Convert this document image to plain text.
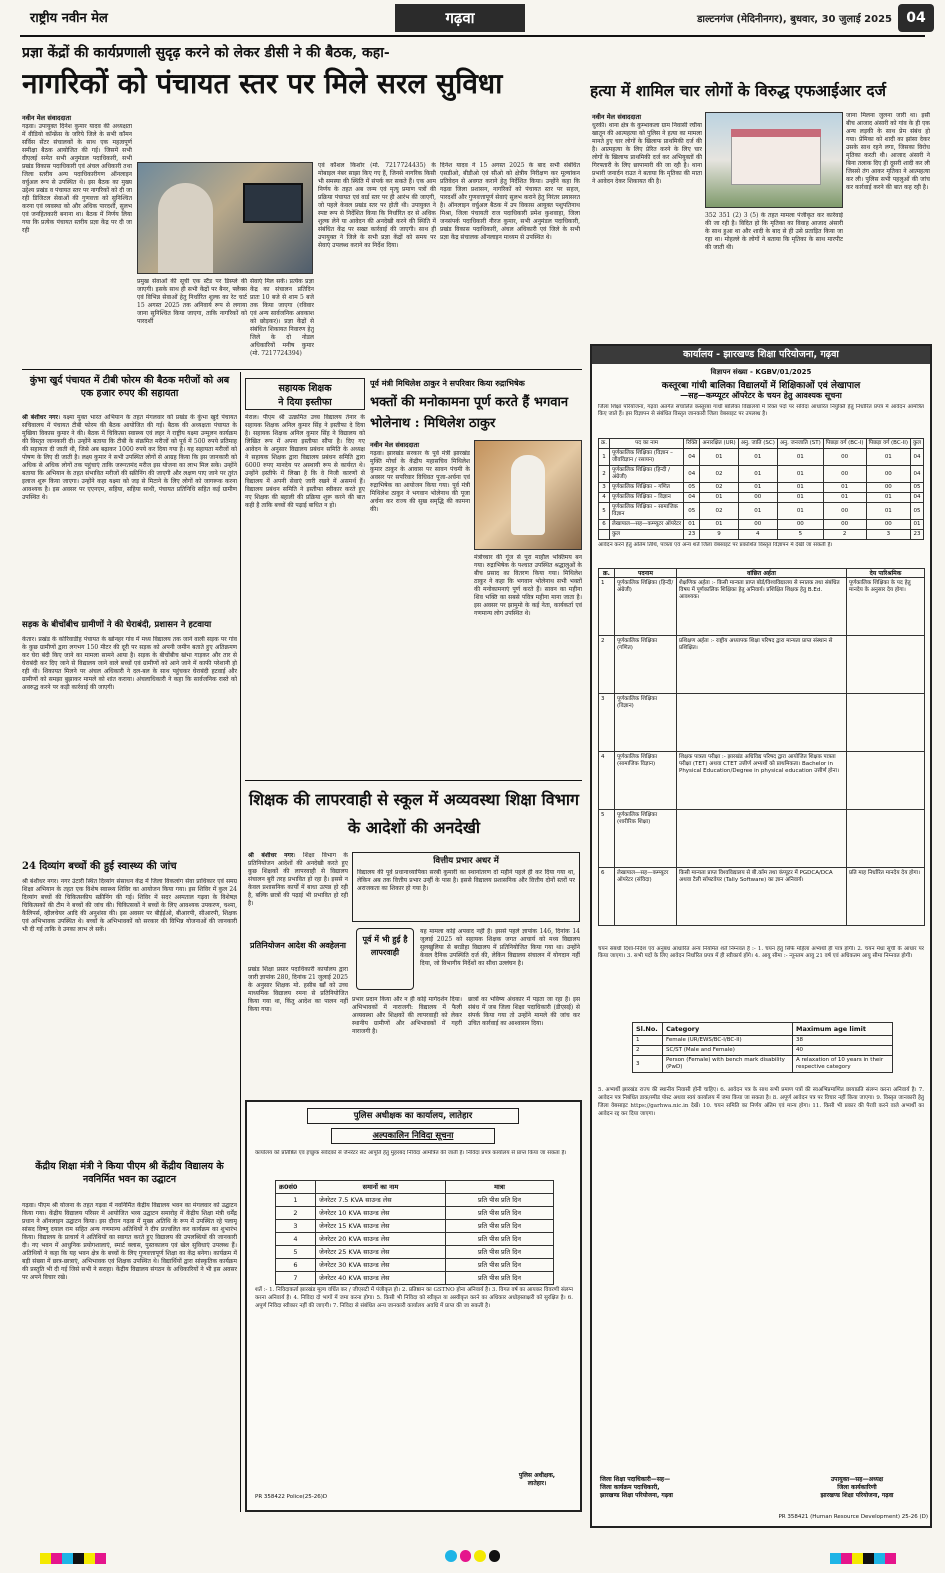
राष्ट्रीय नवीन मेल	गढ़वा	डाल्टनगंज (मेदिनीनगर), बुधवार, 30 जुलाई 2025	04
प्रज्ञा केंद्रों की कार्यप्रणाली सुदृढ़ करने को लेकर डीसी ने की बैठक, कहा-
नागरिकों को पंचायत स्तर पर मिले सरल सुविधा
नवीन मेल संवाददाता
गढ़वा। उपायुक्त दिनेश कुमार यादव की अध्यक्षता में वीडियो कॉन्फ्रेंस के जरिये जिले के सभी कॉमन सर्विस सेंटर संचालकों के साथ एक महत्वपूर्ण समीक्षा बैठक आयोजित की गई। जिसमें सभी वीएलई समेत सभी अनुमंडल पदाधिकारी, सभी प्रखंड विकास पदाधिकारी एवं अंचल अधिकारी तथा जिला स्तरीय अन्य पदाधिकारीगण ऑनलाइन वर्चुअल रूप से उपस्थित थे। इस बैठक का मुख्य उद्देश्य प्रखंड व पंचायत स्तर पर नागरिकों को दी जा रही डिजिटल सेवाओं की गुणवत्ता को सुनिश्चित करना एवं व्यवस्था को और अधिक पारदर्शी, सुलभ एवं जनहितकारी बनाना था। बैठक में निर्णय लिया गया कि प्रत्येक पंचायत स्तरीय प्रज्ञा केंद्र पर दी जा रही
प्रमुख सेवाओं की सूची एक स्टैंड पर डिस्प्ले की जाएगी। इसके साथ ही सभी केंद्रों पर बैनर, फ्लैक्स एवं विभिन्न सेवाओं हेतु निर्धारित शुल्क का रेट चार्ट 15 अगस्त 2025 तक अनिवार्य रूप से लगाया जाना सुनिश्चित किया जाएगा, ताकि नागरिकों को पारदर्शी
सेवाएं मिल सकें। प्रत्येक प्रज्ञा केंद्र का संचालन प्रतिदिन प्रातः 10 बजे से शाम 5 बजे तक किया जाएगा (रविवार एवं अन्य सार्वजनिक अवकाश को छोड़कर)। प्रज्ञा केंद्रों से संबंधित शिकायत निवारण हेतु जिले के दो नोडल अधिकारियों मनीष कुमार (मो. 7217724394)
एवं कौशल किशोर (मो. 7217724435) के मोबाइल नंबर साझा किए गए हैं, जिनसे नागरिक किसी भी समस्या की स्थिति में संपर्क कर सकते हैं। एक आम निर्णय के तहत अब जन्म एवं मृत्यु प्रमाण पत्रों की प्रक्रिया पंचायत एवं वार्ड स्तर पर ही आरंभ की जाएगी, जो पहले केवल प्रखंड स्तर पर होती थी। उपायुक्त ने स्पष्ट रूप से निर्देशित किया कि निर्धारित दर से अधिक शुल्क लेने या आवेदन की अनदेखी करने की स्थिति में संबंधित केंद्र पर सख्त कार्रवाई की जाएगी। साथ ही उपायुक्त ने जिले के सभी प्रज्ञा केंद्रों को समय पर सेवाएं उपलब्ध कराने का निर्देश दिया।
दिनेश यादव ने 15 अगस्त 2025 के बाद सभी संबंधित एसडीओ, बीडीओ एवं सीओ को क्षेत्रीय निरीक्षण कर मूल्यांकन प्रतिवेदन से अवगत कराने हेतु निर्देशित किया। उन्होंने कहा कि गढ़वा जिला प्रशासन, नागरिकों को पंचायत स्तर पर सहज, पारदर्शी और गुणवत्तापूर्ण सेवाएं सुलभ कराने हेतु निरंतर प्रयासरत है। ऑनलाइन वर्चुअल बैठक में उप विकास आयुक्त पशुपतिनाथ मिश्रा, जिला पंचायती राज पदाधिकारी प्रमेश कुशवाहा, जिला जनसंपर्क पदाधिकारी नीरज कुमार, सभी अनुमंडल पदाधिकारी, प्रखंड विकास पदाधिकारी, अंचल अधिकारी एवं जिले के सभी प्रज्ञा केंद्र संचालक ऑनलाइन माध्यम से उपस्थित थे।
हत्या में शामिल चार लोगों के विरुद्ध एफआईआर दर्ज
नवीन मेल संवाददाता
धुरकी। थाना क्षेत्र के कुम्भाकला ग्राम निवासी रघीया खातून की आत्महत्या को पुलिस ने हत्या का मामला मानते हुए चार लोगों के खिलाफ प्राथमिकी दर्ज की है। आत्महत्या के लिए प्रेरित करने के लिए चार लोगों के खिलाफ प्राथमिकी दर्ज कर अभियुक्तों की गिरफ्तारी के लिए छापामारी की जा रही है। थाना प्रभारी जनार्दन राउत ने बताया कि मृतिका की माता ने आवेदन देकर शिकायत की है।
352 351 (2) 3 (5) के तहत मामला पंजीकृत कर कार्रवाई की जा रही है। विदित हो कि मृतिका का विवाह आजाद अंसारी के साथ हुआ था और शादी के बाद से ही उसे प्रताड़ित किया जा रहा था। मोहल्ले के लोगों ने बताया कि मृतिका के साथ मारपीट की जाती थी।
जाना मिलना जुलना जारी था। इसी बीच आजाद अंसारी को गांव के ही एक अन्य लड़की के साथ प्रेम संबंध हो गया। प्रेमिका को शादी का झांसा देकर उसके साथ रहने लगा, जिसका विरोध मृतिका करती थी। आजाद अंसारी ने बिना तलाक दिए ही दूसरी शादी कर ली जिससे तंग आकर मृतिका ने आत्महत्या कर ली। पुलिस सभी पहलुओं की जांच कर कार्रवाई करने की बात कह रही है।
कार्यालय - झारखण्ड शिक्षा परियोजना, गढ़वा
विज्ञापन संख्या - KGBV/01/2025
कस्तूरबा गांधी बालिका विद्यालयों में शिक्षिकाओं एवं लेखापाल
—सह—कम्प्यूटर ऑपरेटर के चयन हेतु आवश्यक सूचना
जिला शिक्षा परियोजना, गढ़वा अंतर्गत संचालित कस्तूरबा गांधी बालिका विद्यालयों में रिक्त पदों पर संविदा आधारित नियुक्ति हेतु निर्धारित प्रपत्र में आवेदन आमंत्रित किए जाते हैं। इस विज्ञापन से संबंधित विस्तृत जानकारी जिला वेबसाइट पर उपलब्ध है।
क्र.	पद का नाम	रिक्ति	अनारक्षित (UR)	अनु. जाति (SC)	अनु. जनजाति (ST)	पिछड़ा वर्ग (BC-I)	पिछड़ा वर्ग (BC-II)	कुल
1	पूर्णकालिक शिक्षिका (विज्ञान – जीवविज्ञान / रसायन)	04	01	01	01	00	01	04
2	पूर्णकालिक शिक्षिका (हिन्दी / अंग्रेजी)	04	02	01	01	00	00	04
3	पूर्णकालिक शिक्षिका – गणित	05	02	01	01	01	00	05
4	पूर्णकालिक शिक्षिका – विज्ञान	04	01	00	01	01	01	04
5	पूर्णकालिक शिक्षिका – सामाजिक विज्ञान	05	02	01	01	00	01	05
6	लेखापाल—सह—कम्प्यूटर ऑपरेटर	01	01	00	00	00	00	01
	कुल	23	9	4	5	2	3	23
आवेदन करने हेतु अंतिम तिथि, पात्रता एवं अन्य शर्तें जिला वेबसाइट पर प्रकाशित विस्तृत विज्ञापन में देखी जा सकती हैं।
क्र.	पदनाम	वांछित अर्हता	देय पारिश्रमिक
1	पूर्णकालिक शिक्षिका (हिन्दी/अंग्रेजी)	शैक्षणिक अर्हता :- किसी मान्यता प्राप्त बोर्ड/विश्वविद्यालय से स्नातक तथा संबंधित विषय में पूर्णकालिक शिक्षिका हेतु अनिवार्य। प्रशिक्षित शिक्षक हेतु B.Ed. आवश्यक।	पूर्णकालिक शिक्षिका के पद हेतु मानदेय के अनुसार देय होगा।
2	पूर्णकालिक शिक्षिका (गणित)	प्रशिक्षण अर्हता :- राष्ट्रीय अध्यापक शिक्षा परिषद द्वारा मान्यता प्राप्त संस्थान से प्रशिक्षित।	
3	पूर्णकालिक शिक्षिका (विज्ञान)		
4	पूर्णकालिक शिक्षिका (सामाजिक विज्ञान)	शिक्षक पात्रता परीक्षा :- झारखंड अधिविद्य परिषद द्वारा आयोजित शिक्षक पात्रता परीक्षा (TET) अथवा CTET उत्तीर्ण अभ्यर्थी को प्राथमिकता। Bachelor in Physical Education/Degree in physical education उत्तीर्ण होना।	
5	पूर्णकालिक शिक्षिका (शारीरिक शिक्षा)		
6	लेखापाल—सह—कम्प्यूटर ऑपरेटर (संविदा)	किसी मान्यता प्राप्त विश्वविद्यालय से बी.कॉम तथा कंप्यूटर में PGDCA/DCA अथवा टैली सॉफ्टवेयर (Tally Software) का ज्ञान अनिवार्य।	प्रति माह निर्धारित मानदेय देय होगा।
चयन संबंधी दिशा-निर्देश एवं अनुबंध आधारित अन्य नियमित शर्तें निम्नवत हैं :- 1. चयन हेतु सिर्फ महिला अभ्यर्थी ही पात्र होंगी। 2. चयन मेधा सूची के आधार पर किया जाएगा। 3. सभी पदों के लिए आवेदन निर्धारित प्रपत्र में ही स्वीकार्य होंगे। 4. आयु सीमा :- न्यूनतम आयु 21 वर्ष एवं अधिकतम आयु सीमा निम्नवत होगी।
Sl.No.	Category	Maximum age limit
1	Female (UR/EWS/BC-I/BC-II)	38
2	SC/ST (Male and Female)	40
3	Person (Female) with bench mark disability (PwD)	A relaxation of 10 years in their respective category
5. अभ्यर्थी झारखंड राज्य की स्थानीय निवासी होनी चाहिए। 6. आवेदन पत्र के साथ सभी प्रमाण पत्रों की स्वअभिप्रमाणित छायाप्रति संलग्न करना अनिवार्य है। 7. आवेदन पत्र निबंधित डाक/स्पीड पोस्ट अथवा स्वयं कार्यालय में जमा किया जा सकता है। 8. अपूर्ण आवेदन पत्र पर विचार नहीं किया जाएगा। 9. विस्तृत जानकारी हेतु जिला वेबसाइट https://garhwa.nic.in देखें। 10. चयन समिति का निर्णय अंतिम एवं मान्य होगा। 11. किसी भी प्रकार की पैरवी करने वाले अभ्यर्थी का आवेदन रद्द कर दिया जाएगा।
जिला शिक्षा पदाधिकारी—सह—
जिला कार्यक्रम पदाधिकारी,
झारखण्ड शिक्षा परियोजना, गढ़वा
उपायुक्त—सह—अध्यक्ष
जिला कार्यकारिणी
झारखण्ड शिक्षा परियोजना, गढ़वा
PR 358421 (Human Resource Development) 25-26 (D)
कुंभा खुर्द पंचायत में टीबी फोरम की बैठक मरीजों को अब एक हजार रुपए की सहायता
श्री बंशीधर नगर। यक्ष्मा मुक्त भारत अभियान के तहत मंगलवार को प्रखंड के कुंभा खुर्द पंचायत सचिवालय में पंचायत टीबी फोरम की बैठक आयोजित की गई। बैठक की अध्यक्षता पंचायत के मुखिया विकास कुमार ने की। बैठक में चिकित्सा स्वास्थ्य एवं लहर ने राष्ट्रीय यक्ष्मा उन्मूलन कार्यक्रम की विस्तृत जानकारी दी। उन्होंने बताया कि टीबी के संक्रमित मरीजों को पूर्व में 500 रुपये प्रतिमाह की सहायता दी जाती थी, जिसे अब बढ़ाकर 1000 रुपये कर दिया गया है। यह सहायता मरीजों को पोषण के लिए दी जाती है। लक्ष्य कुमार ने सभी उपस्थित लोगों से आग्रह किया कि इस जानकारी को अधिक से अधिक लोगों तक पहुंचाएं ताकि जरूरतमंद मरीज इस योजना का लाभ मिल सके। उन्होंने बताया कि अभियान के तहत संभावित मरीजों की स्क्रीनिंग की जाएगी और लक्षण पाए जाने पर तुरंत इलाज शुरू किया जाएगा। उन्होंने कहा यक्ष्मा को जड़ से मिटाने के लिए लोगों को जागरूक करना आवश्यक है। इस अवसर पर एएनएम, सहिया, सहिया साथी, पंचायत प्रतिनिधि सहित कई ग्रामीण उपस्थित थे।
सड़क के बीचोंबीच ग्रामीणों ने की घेराबंदी, प्रशासन ने हटवाया
केतार। प्रखंड के कोरिवाडीह पंचायत के खोनहर गांव में मध्य विद्यालय तक जाने वाली सड़क पर गांव के कुछ ग्रामीणों द्वारा लगभग 150 मीटर की दूरी पर सड़क को अपनी जमीन बताते हुए अतिक्रमण कर घेरा बंदी किए जाने का मामला सामने आया है। सड़क के बीचोंबीच खंभा गाड़कर और तार से घेराबंदी कर दिए जाने से विद्यालय जाने वाले बच्चों एवं ग्रामीणों को आने जाने में काफी परेशानी हो रही थी। शिकायत मिलने पर अंचल अधिकारी ने दल-बल के साथ पहुंचकर घेराबंदी हटवाई और ग्रामीणों को समझा बुझाकर मामले को शांत कराया। अंचलाधिकारी ने कहा कि सार्वजनिक रास्ते को अवरुद्ध करने पर कड़ी कार्रवाई की जाएगी।
24 दिव्यांग बच्चों की हुई स्वास्थ्य की जांच
श्री बंशीधर नगर। नगर उंटारी स्थित दिव्यांग संसाधन केंद्र में जिला विकलांग सेवा प्राधिकार एवं समग्र शिक्षा अभियान के तहत एक विशेष स्वास्थ्य शिविर का आयोजन किया गया। इस शिविर में कुल 24 दिव्यांग बच्चों की चिकित्सकीय स्क्रीनिंग की गई। शिविर में सदर अस्पताल गढ़वा के विशेषज्ञ चिकित्सकों की टीम ने बच्चों की जांच की। चिकित्सकों ने बच्चों के लिए आवश्यक उपकरण, चश्मा, कैलिपर्स, व्हीलचेयर आदि की अनुशंसा की। इस अवसर पर बीईईओ, बीआरपी, सीआरपी, शिक्षक एवं अभिभावक उपस्थित थे। बच्चों के अभिभावकों को सरकार की विभिन्न योजनाओं की जानकारी भी दी गई ताकि वे उनका लाभ ले सकें।
केंद्रीय शिक्षा मंत्री ने किया पीएम श्री केंद्रीय विद्यालय के नवनिर्मित भवन का उद्घाटन
गढ़वा। पीएम श्री योजना के तहत गढ़वा में नवनिर्मित केंद्रीय विद्यालय भवन का मंगलवार को उद्घाटन किया गया। केंद्रीय विद्यालय परिसर में आयोजित भव्य उद्घाटन समारोह में केंद्रीय शिक्षा मंत्री धर्मेंद्र प्रधान ने ऑनलाइन उद्घाटन किया। इस दौरान गढ़वा में मुख्य अतिथि के रूप में उपस्थित रहे पलामू सांसद विष्णु दयाल राम सहित अन्य गणमान्य अतिथियों ने दीप प्रज्वलित कर कार्यक्रम का शुभारंभ किया। विद्यालय के प्राचार्य ने अतिथियों का स्वागत करते हुए विद्यालय की उपलब्धियों की जानकारी दी। नए भवन में आधुनिक प्रयोगशालाएं, स्मार्ट क्लास, पुस्तकालय एवं खेल सुविधाएं उपलब्ध हैं। अतिथियों ने कहा कि यह भवन क्षेत्र के बच्चों के लिए गुणवत्तापूर्ण शिक्षा का केंद्र बनेगा। कार्यक्रम में बड़ी संख्या में छात्र-छात्राएं, अभिभावक एवं शिक्षक उपस्थित थे। विद्यार्थियों द्वारा सांस्कृतिक कार्यक्रम की प्रस्तुति भी दी गई जिसे सभी ने सराहा। केंद्रीय विद्यालय संगठन के अधिकारियों ने भी इस अवसर पर अपने विचार रखे।
सहायक शिक्षक
ने दिया इस्तीफा
मेराल। पीएम श्री उत्क्रमित उच्च विद्यालय तेनार के सहायक शिक्षक अनिल कुमार सिंह ने इस्तीफा दे दिया है। सहायक शिक्षक अनिल कुमार सिंह ने विद्यालय को लिखित रूप में अपना इस्तीफा सौंपा है। दिए गए आवेदन के अनुसार विद्यालय प्रबंधन समिति के अध्यक्ष ने सहायक शिक्षक द्वारा विद्यालय प्रबंधन समिति द्वारा 6000 रुपए मानदेय पर अस्थायी रूप से कार्यरत थे। उन्होंने इस्तीफे में लिखा है कि वे निजी कारणों से विद्यालय में अपनी सेवाएं जारी रखने में असमर्थ हैं। विद्यालय प्रबंधन समिति ने इस्तीफा स्वीकार करते हुए नए शिक्षक की बहाली की प्रक्रिया शुरू करने की बात कही है ताकि बच्चों की पढ़ाई बाधित न हो।
पूर्व मंत्री मिथिलेश ठाकुर ने सपरिवार किया रुद्राभिषेक
भक्तों की मनोकामना पूर्ण करते हैं भगवान भोलेनाथ : मिथिलेश ठाकुर
नवीन मेल संवाददाता
गढ़वा। झारखंड सरकार के पूर्व मंत्री झारखंड मुक्ति मोर्चा के केंद्रीय महासचिव मिथिलेश कुमार ठाकुर के आवास पर सावन पंचमी के अवसर पर सपरिवार विधिवत पूजा-अर्चना एवं रुद्राभिषेक का आयोजन किया गया। पूर्व मंत्री मिथिलेश ठाकुर ने भगवान भोलेनाथ की पूजा अर्चना कर राज्य की सुख समृद्धि की कामना की।
मंत्रोच्चार की गूंज से पूरा माहौल भक्तिमय बन गया। रुद्राभिषेक के पश्चात उपस्थित श्रद्धालुओं के बीच प्रसाद का वितरण किया गया। मिथिलेश ठाकुर ने कहा कि भगवान भोलेनाथ सभी भक्तों की मनोकामनाएं पूर्ण करते हैं। सावन का महीना शिव भक्ति का सबसे पवित्र महीना माना जाता है। इस अवसर पर झामुमो के कई नेता, कार्यकर्ता एवं गणमान्य लोग उपस्थित थे।
शिक्षक की लापरवाही से स्कूल में अव्यवस्था शिक्षा विभाग के आदेशों की अनदेखी
श्री बंशीधर नगर। शिक्षा विभाग के प्रतिनियोजन आदेशों की अनदेखी करते हुए कुछ शिक्षकों की लापरवाही से विद्यालय संचालन बुरी तरह प्रभावित हो रहा है। इससे न केवल प्रशासनिक कार्यों में बाधा उत्पन्न हो रही है, बल्कि छात्रों की पढ़ाई भी प्रभावित हो रही है।
प्रतिनियोजन आदेश की अवहेलना
प्रखंड शिक्षा प्रसार पदाधिकारी कार्यालय द्वारा जारी ज्ञापांक 280, दिनांक 21 जुलाई 2025 के अनुसार शिक्षक मो. हसीब खाँ को उच्च माध्यमिक विद्यालय रमना से प्रतिनियोजित किया गया था, किंतु आदेश का पालन नहीं किया गया।
वित्तीय प्रभार अधर में
विद्यालय की पूर्व प्रधानाध्यापिका सरबी कुमारी का स्थानांतरण दो महीने पहले ही कर दिया गया था, लेकिन अब तक वित्तीय प्रभार उन्हीं के पास है। इससे विद्यालय प्रशासनिक और वित्तीय दोनों स्तरों पर अराजकता का शिकार हो गया है।
पूर्व में भी हुई है लापरवाही
यह मामला कोई अपवाद नहीं है। इससे पहले ज्ञापांक 146, दिनांक 14 जुलाई 2025 को सहायक शिक्षक जगत आचार्य को मध्य विद्यालय सुलखुलिया से बरडीहा विद्यालय में प्रतिनियोजित किया गया था। उन्होंने केवल दैनिक उपस्थिति दर्ज की, लेकिन विद्यालय संचालन में योगदान नहीं दिया, जो विभागीय निर्देशों का सीधा उल्लंघन है।
प्रभार प्रदान किया और न ही कोई मार्गदर्शन दिया। अभिभावकों में नाराजगी: विद्यालय में फैली अव्यवस्था और शिक्षकों की लापरवाही को लेकर स्थानीय ग्रामीणों और अभिभावकों में गहरी नाराजगी है।
छात्रों का भविष्य अंधकार में पड़ता जा रहा है। इस संबंध में जब जिला शिक्षा पदाधिकारी (डीएसई) से संपर्क किया गया तो उन्होंने मामले की जांच कर उचित कार्रवाई का आश्वासन दिया।
पुलिस अधीक्षक का कार्यालय, लातेहार
अल्पकालिन निविदा सूचना
कार्यालय को प्रतिष्ठित एवं इच्छुक संवेदकों से जेनरेटर सेट आपूर्ति हेतु मुहरबंद निविदा आमंत्रित की जाती है। निविदा प्रपत्र कार्यालय से प्राप्त किया जा सकता है।
क्र0सं0	समानों का नाम	मात्रा
1	जेनरेटर 7.5 KVA साउन्ड लेस	प्रति पीस प्रति दिन
2	जेनरेटर 10 KVA साउन्ड लेस	प्रति पीस प्रति दिन
3	जेनरेटर 15 KVA साउन्ड लेस	प्रति पीस प्रति दिन
4	जेनरेटर 20 KVA साउन्ड लेस	प्रति पीस प्रति दिन
5	जेनरेटर 25 KVA साउन्ड लेस	प्रति पीस प्रति दिन
6	जेनरेटर 30 KVA साउन्ड लेस	प्रति पीस प्रति दिन
7	जेनरेटर 40 KVA साउन्ड लेस	प्रति पीस प्रति दिन
शर्ते :- 1. निविदाकर्ता झारखंड मूल्य वर्धित कर / जीएसटी में पंजीकृत हो। 2. प्रतिष्ठान का GSTNO होना अनिवार्य है। 3. विगत वर्ष का आयकर विवरणी संलग्न करना अनिवार्य है। 4. निविदा दो भागों में जमा करना होगा। 5. किसी भी निविदा को स्वीकृत या अस्वीकृत करने का अधिकार अधोहस्ताक्षरी को सुरक्षित है। 6. अपूर्ण निविदा स्वीकार नहीं की जाएगी। 7. निविदा से संबंधित अन्य जानकारी कार्यालय अवधि में प्राप्त की जा सकती है।
पुलिस अधीक्षक,
लातेहार।
PR 358422 Police(25-26)D
